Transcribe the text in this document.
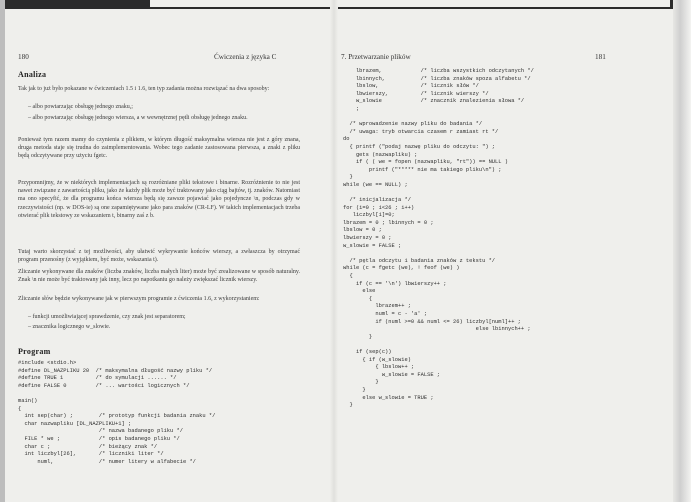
180	Ćwiczenia z języka C
Analiza
Tak jak to już było pokazane w ćwiczeniach 1.5 i 1.6, ten typ zadania można rozwiązać na dwa sposoby:
– albo powtarzając obsługę jednego znaku,;
– albo powtarzając obsługę jednego wiersza, a w wewnętrznej pętli obsługę jednego znaku.
Ponieważ tym razem mamy do czynienia z plikiem, w którym długość maksymalna wiersza nie jest z góry znana, druga metoda staje się trudna do zaimplementowania. Wobec tego zadanie zastosowana pierwsza, a znaki z pliku będą odczytywane przy użyciu fgetc.
Przypomnijmy, że w niektórych implementacjach są rozróżniane pliki tekstowe i binarne. Rozróżnienie to nie jest nawet związane z zawartością pliku, jako że każdy plik może być traktowany jako ciąg bajtów, tj. znaków. Natomiast ma ono specyfić, że dla programu końca wiersza będą się zawsze pojawiać jako pojedyncze \n, podczas gdy w rzeczywistości (np. w DOS-ie) są one zapamiętywane jako para znaków (CR-LF). W takich implementacjach trzeba otwierać plik tekstowy ze wskazaniem t, binarny zaś z b.
Tutaj warto skorzystać z tej możliwości, aby ułatwić wykrywanie końców wierszy, a zwłaszcza by otrzymać program przenośny (z wyjątkiem, być może, wskazania t).
Zliczanie wykonywane dla znaków (liczba znaków, liczba małych liter) może być zrealizowane w sposób naturalny. Znak \n nie może być traktowany jak inny, lecz po napotkaniu go należy zwiększać licznik wierszy.
Zliczanie słów będzie wykonywane jak w pierwszym programie z ćwiczenia 1.6, z wykorzystaniem:
– funkcji umożliwiającej sprawdzenie, czy znak jest separatorem;
– znacznika logicznego w_slowie.
Program
#include <stdio.h>
#define DL_NAZPLIKU 20  /* maksymalna długość nazwy pliku */
#define TRUE 1          /* do symulacji ...... */
#define FALSE 0         /* ... wartości logicznych */

main()
{
int sep(char) ;        /* prototyp funkcji badania znaku */
char nazwapliku [DL_NAZPLIKU+1] ;
/* nazwa badanego pliku */
FILE * we ;            /* opis badanego pliku */
char c ;               /* bieżący znak */
int liczbyl[26],       /* liczniki liter */
numl,              /* numer litery w alfabecie */
7. Przetwarzanie plików	181
lbrazem,            /* liczba wszystkich odczytanych */
lbinnych,           /* liczba znaków spoza alfabetu */
lbslow,             /* licznik słów */
lbwierszy,          /* licznik wierszy */
w_slowie            /* znacznik znalezienia słowa */
;

/* wprowadzenie nazwy pliku do badania */
/* uwaga: tryb otwarcia czasem r zamiast rt */
do
{ printf ("podaj nazwę pliku do odczytu: ") ;
gets (nazwapliku) ;
if ( ( we = fopen (nazwapliku, "rt")) == NULL )
printf ("***** nie ma takiego pliku\n") ;
}
while (we == NULL) ;

/* inicjalizacja */
for (i=0 ; i<26 ; i++)
liczbyl[i]=0;
lbrazem = 0 ; lbinnych = 0 ;
lbslow = 0 ;
lbwierszy = 0 ;
w_slowie = FALSE ;

/* pętla odczytu i badania znaków z tekstu */
while (c = fgetc (we), ! feof (we) )
{
if (c == '\n') lbwierszy++ ;
else
{
lbrazem++ ;
numl = c - 'a' ;
if (numl >=0 && numl <= 26) liczbyl[numl]++ ;
else lbinnych++ ;
}

if (sep(c))
{ if (w_slowie)
{ lbslow++ ;
w_slowie = FALSE ;
}
}
else w_slowie = TRUE ;
}
